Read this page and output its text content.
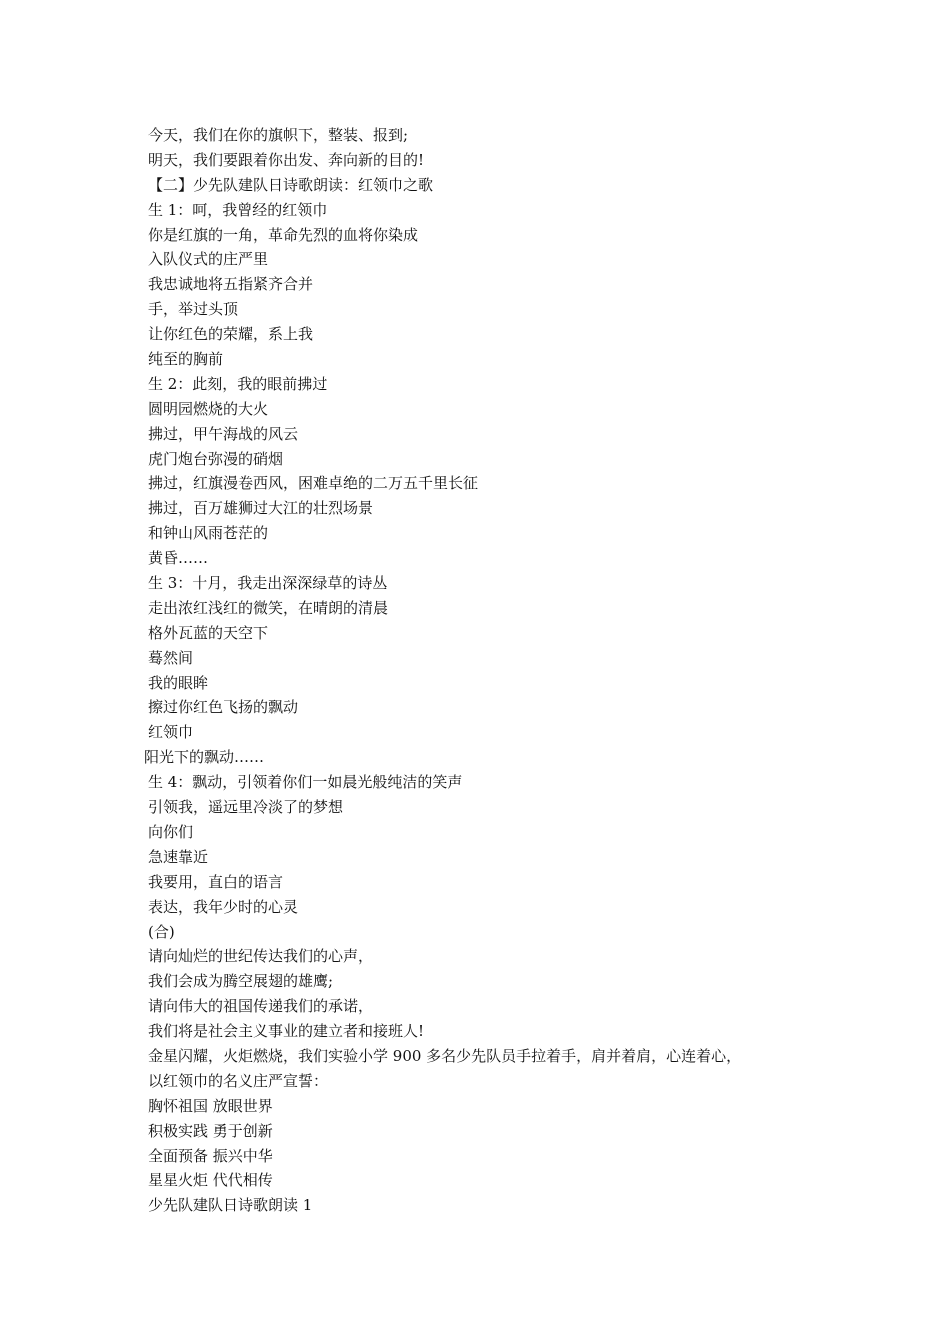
今天，我们在你的旗帜下，整装、报到;

明天，我们要跟着你出发、奔向新的目的!

【二】少先队建队日诗歌朗读：红领巾之歌

生 1：呵，我曾经的红领巾

你是红旗的一角，革命先烈的血将你染成

入队仪式的庄严里

我忠诚地将五指紧齐合并

手，举过头顶

让你红色的荣耀，系上我

纯至的胸前

生 2：此刻，我的眼前拂过

圆明园燃烧的大火

拂过，甲午海战的风云

虎门炮台弥漫的硝烟

拂过，红旗漫卷西风，困难卓绝的二万五千里长征

拂过，百万雄狮过大江的壮烈场景

和钟山风雨苍茫的

黄昏……

生 3：十月，我走出深深绿草的诗丛

走出浓红浅红的微笑，在晴朗的清晨

格外瓦蓝的天空下

蓦然间

我的眼眸

擦过你红色飞扬的飘动

红领巾

阳光下的飘动……

生 4：飘动，引领着你们一如晨光般纯洁的笑声

引领我，遥远里冷淡了的梦想

向你们

急速靠近

我要用，直白的语言

表达，我年少时的心灵

(合)

请向灿烂的世纪传达我们的心声，

我们会成为腾空展翅的雄鹰;

请向伟大的祖国传递我们的承诺，

我们将是社会主义事业的建立者和接班人!

金星闪耀，火炬燃烧，我们实验小学 900 多名少先队员手拉着手，肩并着肩，心连着心，

以红领巾的名义庄严宣誓：

胸怀祖国 放眼世界

积极实践 勇于创新

全面预备 振兴中华

星星火炬 代代相传

少先队建队日诗歌朗读 1
